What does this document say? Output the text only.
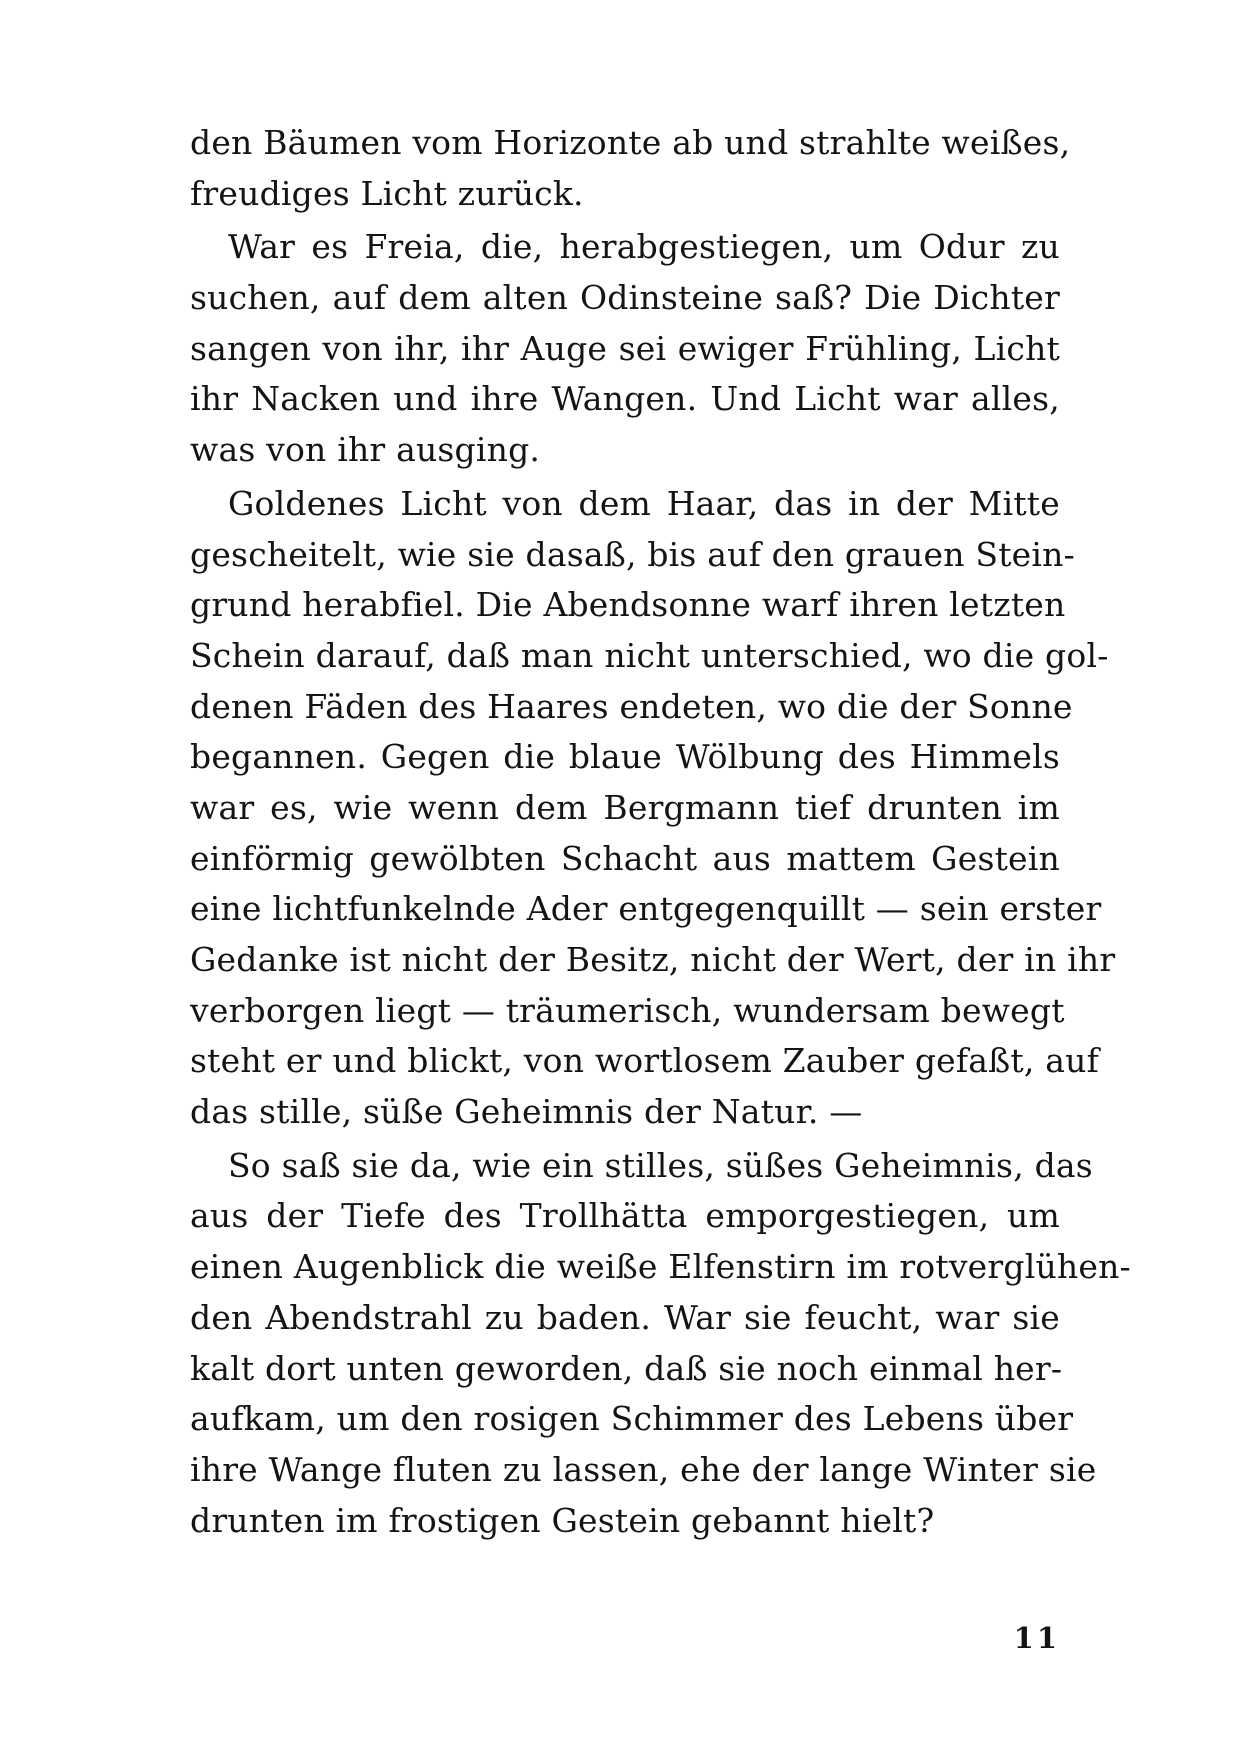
den Bäumen vom Horizonte ab und strahlte weißes,
freudiges Licht zurück.
War es Freia, die, herabgestiegen, um Odur zu
suchen, auf dem alten Odinsteine saß? Die Dichter
sangen von ihr, ihr Auge sei ewiger Frühling, Licht
ihr Nacken und ihre Wangen. Und Licht war alles,
was von ihr ausging.
Goldenes Licht von dem Haar, das in der Mitte
gescheitelt, wie sie dasaß, bis auf den grauen Stein-
grund herabfiel. Die Abendsonne warf ihren letzten
Schein darauf, daß man nicht unterschied, wo die gol-
denen Fäden des Haares endeten, wo die der Sonne
begannen. Gegen die blaue Wölbung des Himmels
war es, wie wenn dem Bergmann tief drunten im
einförmig gewölbten Schacht aus mattem Gestein
eine lichtfunkelnde Ader entgegenquillt — sein erster
Gedanke ist nicht der Besitz, nicht der Wert, der in ihr
verborgen liegt — träumerisch, wundersam bewegt
steht er und blickt, von wortlosem Zauber gefaßt, auf
das stille, süße Geheimnis der Natur. —
So saß sie da, wie ein stilles, süßes Geheimnis, das
aus der Tiefe des Trollhätta emporgestiegen, um
einen Augenblick die weiße Elfenstirn im rotverglühen-
den Abendstrahl zu baden. War sie feucht, war sie
kalt dort unten geworden, daß sie noch einmal her-
aufkam, um den rosigen Schimmer des Lebens über
ihre Wange fluten zu lassen, ehe der lange Winter sie
drunten im frostigen Gestein gebannt hielt?
11
